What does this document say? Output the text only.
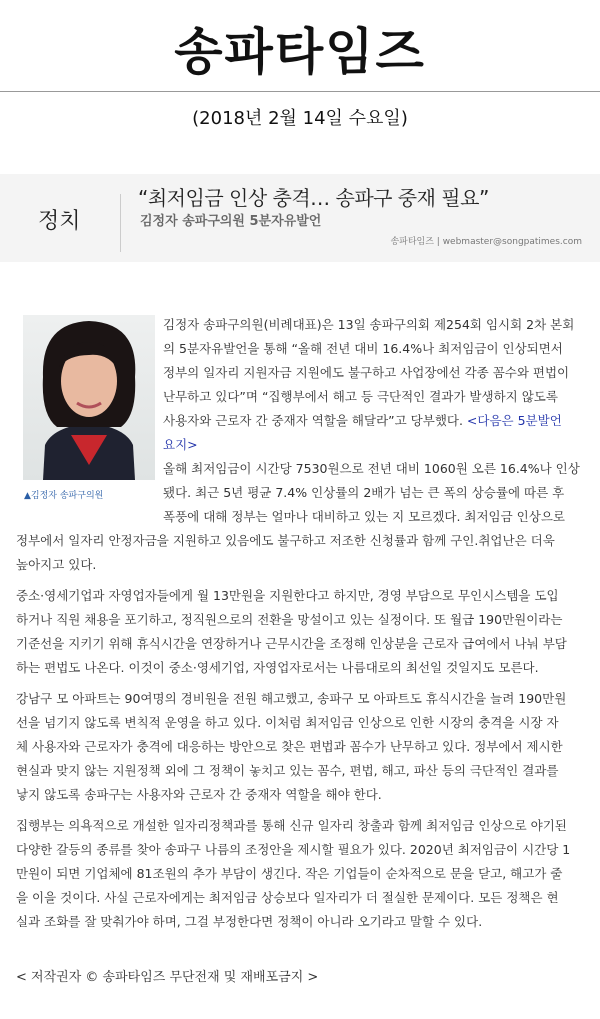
송파타임즈
(2018년 2월 14일 수요일)
정치
“최저임금 인상 충격… 송파구 중재 필요”
김정자 송파구의원 5분자유발언
송파타임즈 | webmaster@songpatimes.com
▲김정자 송파구의원
김정자 송파구의원(비례대표)은 13일 송파구의회 제254회 임시회 2차 본회
의 5분자유발언을 통해 “올해 전년 대비 16.4%나 최저임금이 인상되면서
정부의 일자리 지원자금 지원에도 불구하고 사업장에선 각종 꼼수와 편법이
난무하고 있다”며 “집행부에서 해고 등 극단적인 결과가 발생하지 않도록
사용자와 근로자 간 중재자 역할을 해달라”고 당부했다. <다음은 5분발언
요지>
올해 최저임금이 시간당 7530원으로 전년 대비 1060원 오른 16.4%나 인상
됐다. 최근 5년 평균 7.4% 인상률의 2배가 넘는 큰 폭의 상승률에 따른 후
폭풍에 대해 정부는 얼마나 대비하고 있는 지 모르겠다. 최저임금 인상으로
정부에서 일자리 안정자금을 지원하고 있음에도 불구하고 저조한 신청률과 함께 구인.취업난은 더욱
높아지고 있다.
중소·영세기업과 자영업자들에게 월 13만원을 지원한다고 하지만, 경영 부담으로 무인시스템을 도입
하거나 직원 채용을 포기하고, 정직원으로의 전환을 망설이고 있는 실정이다. 또 월급 190만원이라는
기준선을 지키기 위해 휴식시간을 연장하거나 근무시간을 조정해 인상분을 근로자 급여에서 나눠 부담
하는 편법도 나온다. 이것이 중소·영세기업, 자영업자로서는 나름대로의 최선일 것일지도 모른다.
강남구 모 아파트는 90여명의 경비원을 전원 해고했고, 송파구 모 아파트도 휴식시간을 늘려 190만원
선을 넘기지 않도록 변칙적 운영을 하고 있다. 이처럼 최저임금 인상으로 인한 시장의 충격을 시장 자
체 사용자와 근로자가 충격에 대응하는 방안으로 찾은 편법과 꼼수가 난무하고 있다. 정부에서 제시한
현실과 맞지 않는 지원정책 외에 그 정책이 놓치고 있는 꼼수, 편법, 해고, 파산 등의 극단적인 결과를
낳지 않도록 송파구는 사용자와 근로자 간 중재자 역할을 해야 한다.
집행부는 의욕적으로 개설한 일자리정책과를 통해 신규 일자리 창출과 함께 최저임금 인상으로 야기된
다양한 갈등의 종류를 찾아 송파구 나름의 조정안을 제시할 필요가 있다. 2020년 최저임금이 시간당 1
만원이 되면 기업체에 81조원의 추가 부담이 생긴다. 작은 기업들이 순차적으로 문을 닫고, 해고가 줄
을 이을 것이다. 사실 근로자에게는 최저임금 상승보다 일자리가 더 절실한 문제이다. 모든 정책은 현
실과 조화를 잘 맞춰가야 하며, 그걸 부정한다면 정책이 아니라 오기라고 말할 수 있다.
< 저작권자 © 송파타임즈 무단전재 및 재배포금지 >
